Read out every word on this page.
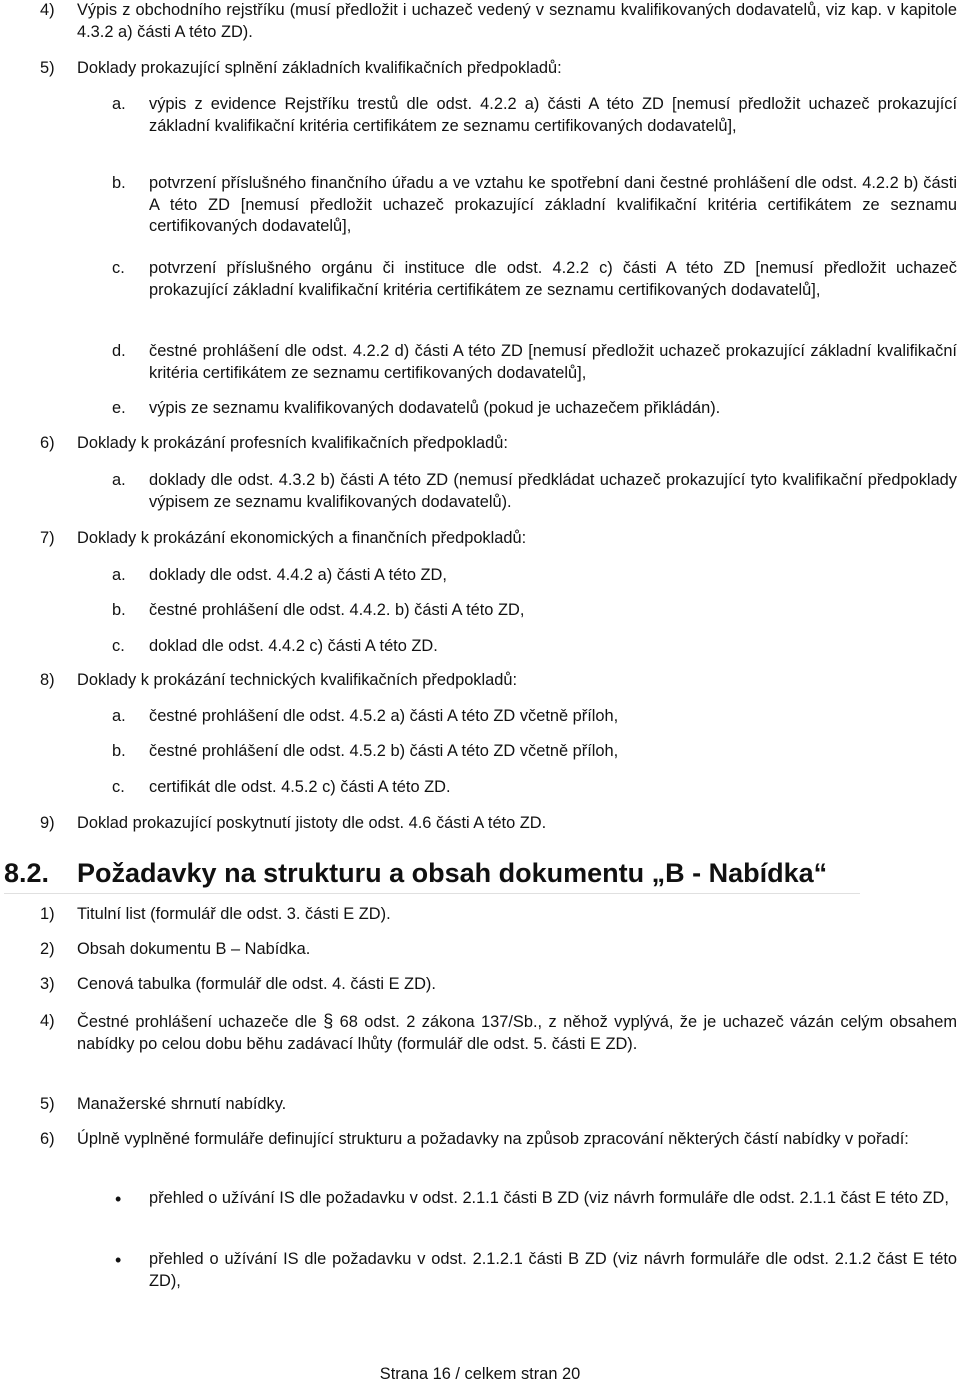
4) Výpis z obchodního rejstříku (musí předložit i uchazeč vedený v seznamu kvalifikovaných dodavatelů, viz kap. v kapitole 4.3.2 a) části A této ZD).
5) Doklady prokazující splnění základních kvalifikačních předpokladů:
a. výpis z evidence Rejstříku trestů dle odst. 4.2.2 a) části A této ZD [nemusí předložit uchazeč prokazující základní kvalifikační kritéria certifikátem ze seznamu certifikovaných dodavatelů],
b. potvrzení příslušného finančního úřadu a ve vztahu ke spotřební dani čestné prohlášení dle odst. 4.2.2 b) části A této ZD [nemusí předložit uchazeč prokazující základní kvalifikační kritéria certifikátem ze seznamu certifikovaných dodavatelů],
c. potvrzení příslušného orgánu či instituce dle odst. 4.2.2 c) části A této ZD [nemusí předložit uchazeč prokazující základní kvalifikační kritéria certifikátem ze seznamu certifikovaných dodavatelů],
d. čestné prohlášení dle odst. 4.2.2 d) části A této ZD [nemusí předložit uchazeč prokazující základní kvalifikační kritéria certifikátem ze seznamu certifikovaných dodavatelů],
e. výpis ze seznamu kvalifikovaných dodavatelů (pokud je uchazečem přikládán).
6) Doklady k prokázání profesních kvalifikačních předpokladů:
a. doklady dle odst. 4.3.2 b) části A této ZD (nemusí předkládat uchazeč prokazující tyto kvalifikační předpoklady výpisem ze seznamu kvalifikovaných dodavatelů).
7) Doklady k prokázání ekonomických a finančních předpokladů:
a. doklady dle odst. 4.4.2 a) části A této ZD,
b. čestné prohlášení dle odst. 4.4.2. b) části A této ZD,
c. doklad dle odst. 4.4.2 c) části A této ZD.
8) Doklady k prokázání technických kvalifikačních předpokladů:
a. čestné prohlášení dle odst. 4.5.2 a) části A této ZD včetně příloh,
b. čestné prohlášení dle odst. 4.5.2 b) části A této ZD včetně příloh,
c. certifikát dle odst. 4.5.2 c) části A této ZD.
9) Doklad prokazující poskytnutí jistoty dle odst. 4.6 části A této ZD.
8.2. Požadavky na strukturu a obsah dokumentu „B - Nabídka“
1) Titulní list (formulář dle odst. 3. části E ZD).
2) Obsah dokumentu B – Nabídka.
3) Cenová tabulka (formulář dle odst. 4. části E ZD).
4) Čestné prohlášení uchazeče dle § 68 odst. 2 zákona 137/Sb., z něhož vyplývá, že je uchazeč vázán celým obsahem nabídky po celou dobu běhu zadávací lhůty (formulář dle odst. 5. části E ZD).
5) Manažerské shrnutí nabídky.
6) Úplně vyplněné formuláře definující strukturu a požadavky na způsob zpracování některých částí nabídky v pořadí:
• přehled o užívání IS dle požadavku v odst. 2.1.1 části B ZD (viz návrh formuláře dle odst. 2.1.1 část E této ZD,
• přehled o užívání IS dle požadavku v odst. 2.1.2.1 části B ZD (viz návrh formuláře dle odst. 2.1.2 část E této ZD),
Strana 16 / celkem stran 20
